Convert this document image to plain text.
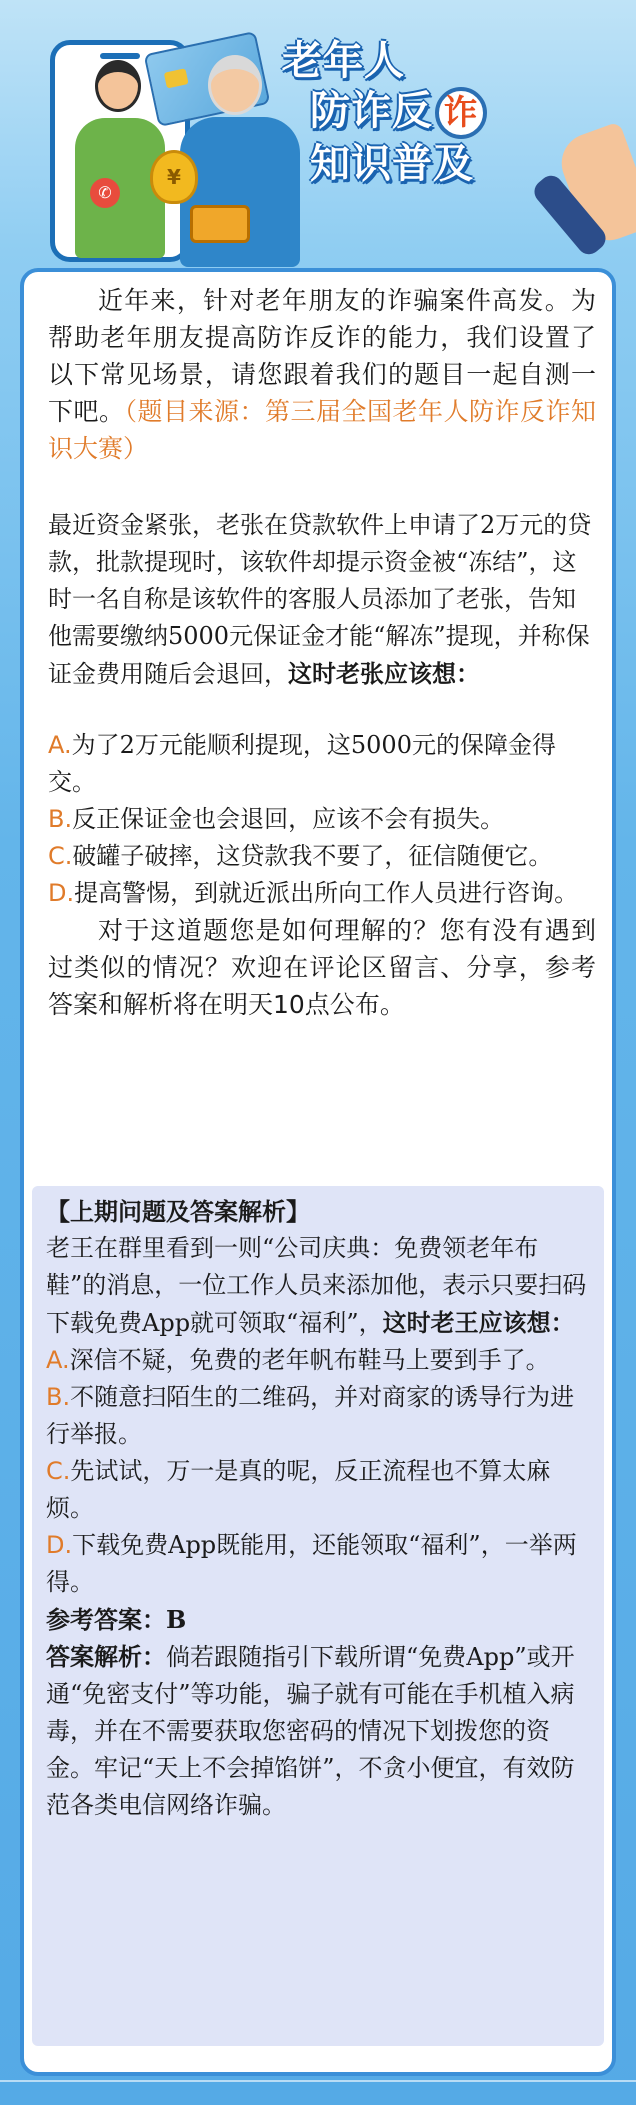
✆
¥
老年人
防诈反 诈
知识普及

近年来，针对老年朋友的诈骗案件高发。为帮助老年朋友提高防诈反诈的能力，我们设置了以下常见场景，请您跟着我们的题目一起自测一下吧。（题目来源：第三届全国老年人防诈反诈知识大赛）

最近资金紧张，老张在贷款软件上申请了2万元的贷款，批款提现时，该软件却提示资金被“冻结”，这时一名自称是该软件的客服人员添加了老张，告知他需要缴纳5000元保证金才能“解冻”提现，并称保证金费用随后会退回，这时老张应该想：

A.为了2万元能顺利提现，这5000元的保障金得交。

B.反正保证金也会退回，应该不会有损失。

C.破罐子破摔，这贷款我不要了，征信随便它。

D.提高警惕，到就近派出所向工作人员进行咨询。

对于这道题您是如何理解的？您有没有遇到过类似的情况？欢迎在评论区留言、分享，参考答案和解析将在明天10点公布。

【上期问题及答案解析】

老王在群里看到一则“公司庆典：免费领老年布鞋”的消息，一位工作人员来添加他，表示只要扫码下载免费App就可领取“福利”，这时老王应该想：

A.深信不疑，免费的老年帆布鞋马上要到手了。

B.不随意扫陌生的二维码，并对商家的诱导行为进行举报。

C.先试试，万一是真的呢，反正流程也不算太麻烦。

D.下载免费App既能用，还能领取“福利”，一举两得。

参考答案：B

答案解析：倘若跟随指引下载所谓“免费App”或开通“免密支付”等功能，骗子就有可能在手机植入病毒，并在不需要获取您密码的情况下划拨您的资金。牢记“天上不会掉馅饼”，不贪小便宜，有效防范各类电信网络诈骗。
